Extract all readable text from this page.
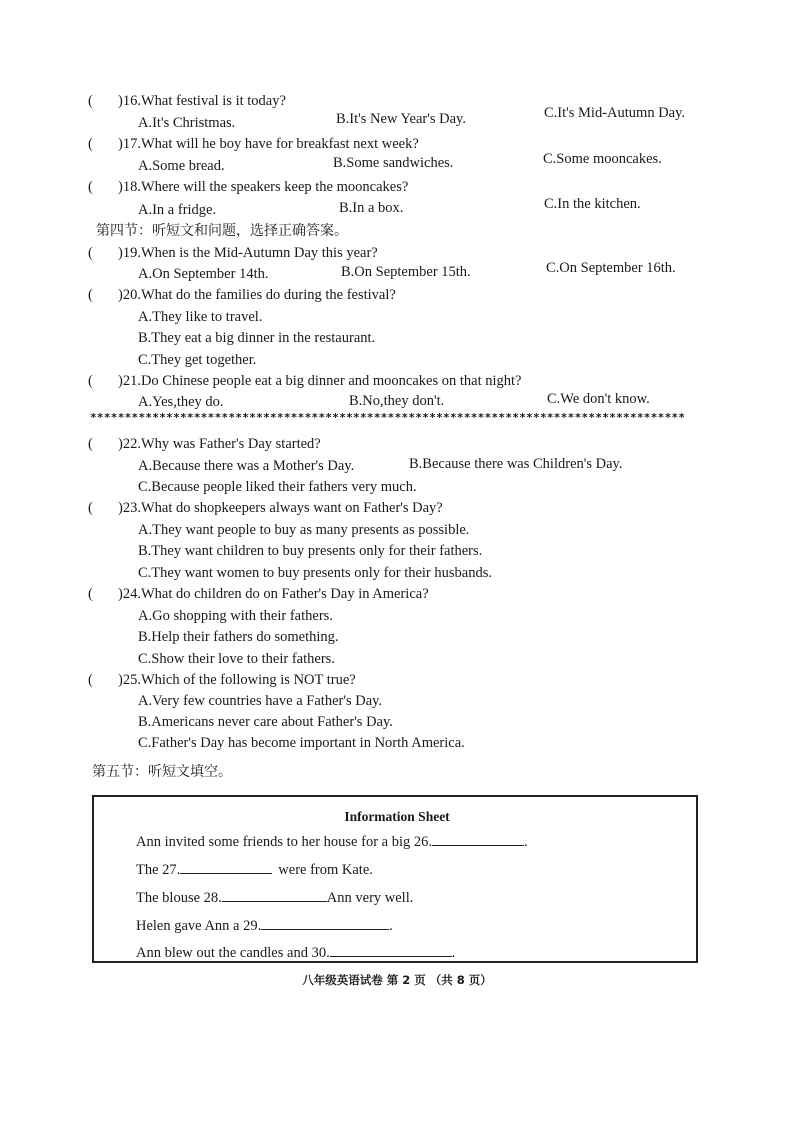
( )16.What festival is it today?
A.It's Christmas.	B.It's New Year's Day.	C.It's Mid-Autumn Day.
( )17.What will he boy have for breakfast next week?
A.Some bread.	B.Some sandwiches.	C.Some mooncakes.
( )18.Where will the speakers keep the mooncakes?
A.In a fridge.	B.In a box.	C.In the kitchen.
第四节：听短文和问题，选择正确答案。
( )19.When is the Mid-Autumn Day this year?
A.On September 14th.	B.On September 15th.	C.On September 16th.
( )20.What do the families do during the festival?
A.They like to travel.
B.They eat a big dinner in the restaurant.
C.They get together.
( )21.Do Chinese people eat a big dinner and mooncakes on that night?
A.Yes,they do.	B.No,they don't.	C.We don't know.
**************************************************************************************
( )22.Why was Father's Day started?
A.Because there was a Mother's Day.	B.Because there was Children's Day.
C.Because people liked their fathers very much.
( )23.What do shopkeepers always want on Father's Day?
A.They want people to buy as many presents as possible.
B.They want children to buy presents only for their fathers.
C.They want women to buy presents only for their husbands.
( )24.What do children do on Father's Day in America?
A.Go shopping with their fathers.
B.Help their fathers do something.
C.Show their love to their fathers.
( )25.Which of the following is NOT true?
A.Very few countries have a Father's Day.
B.Americans never care about Father's Day.
C.Father's Day has become important in North America.
第五节：听短文填空。
Information Sheet
Ann invited some friends to her house for a big 26.	.
The 27.	were from Kate.
The blouse 28.	Ann very well.
Helen gave Ann a 29.	.
Ann blew out the candles and 30.	.
八年级英语试卷 第 2 页 （共 8 页）
